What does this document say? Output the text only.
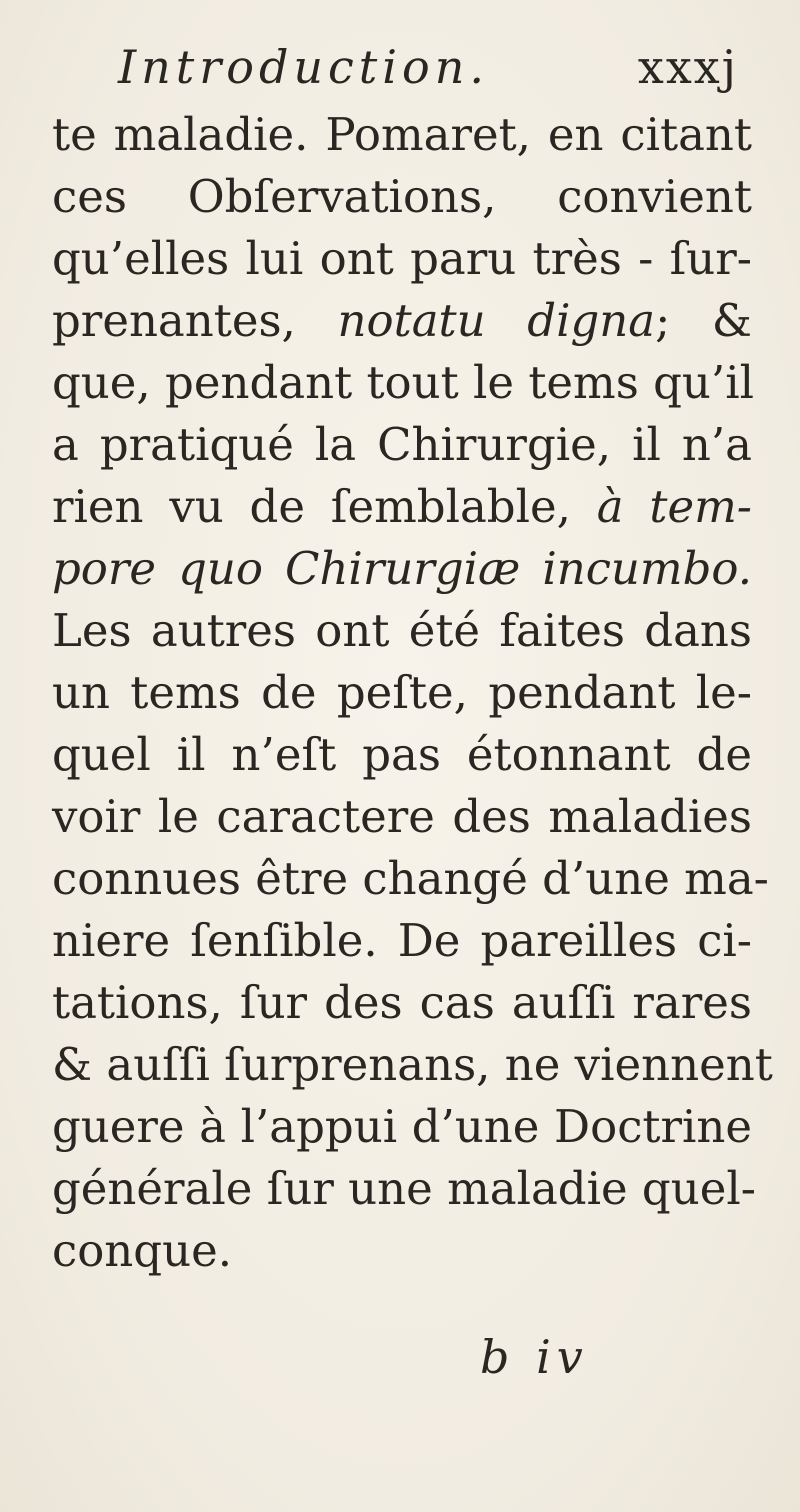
Introduction.	xxxj
te maladie. Pomaret, en citant
ces Obſervations, convient
qu’elles lui ont paru très - ſur-
prenantes, notatu digna; &
que, pendant tout le tems qu’il
a pratiqué la Chirurgie, il n’a
rien vu de ſemblable, à tem-
pore quo Chirurgiæ incumbo.
Les autres ont été faites dans
un tems de peſte, pendant le-
quel il n’eſt pas étonnant de
voir le caractere des maladies
connues être changé d’une ma-
niere ſenſible. De pareilles ci-
tations, ſur des cas auſſi rares
& auſſi ſurprenans, ne viennent
guere à l’appui d’une Doctrine
générale ſur une maladie quel-
conque.
b iv
